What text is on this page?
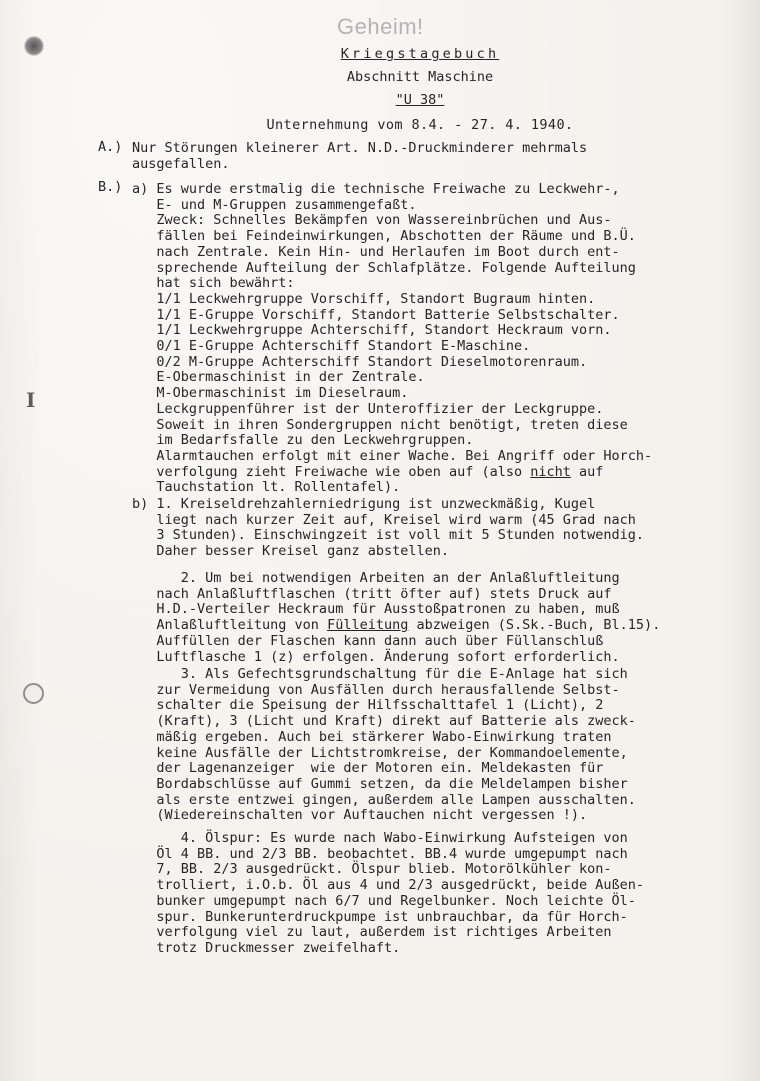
I
Geheim!
Kriegstagebuch
Abschnitt Maschine
"U 38"
Unternehmung vom 8.4. - 27. 4. 1940.
A.) Nur Störungen kleinerer Art. N.D.-Druckminderer mehrmals
ausgefallen.
B.) a) Es wurde erstmalig die technische Freiwache zu Leckwehr-,
E- und M-Gruppen zusammengefaßt.
Zweck: Schnelles Bekämpfen von Wassereinbrüchen und Aus-
fällen bei Feindeinwirkungen, Abschotten der Räume und B.Ü.
nach Zentrale. Kein Hin- und Herlaufen im Boot durch ent-
sprechende Aufteilung der Schlafplätze. Folgende Aufteilung
hat sich bewährt:
1/1 Leckwehrgruppe Vorschiff, Standort Bugraum hinten.
1/1 E-Gruppe Vorschiff, Standort Batterie Selbstschalter.
1/1 Leckwehrgruppe Achterschiff, Standort Heckraum vorn.
0/1 E-Gruppe Achterschiff Standort E-Maschine.
0/2 M-Gruppe Achterschiff Standort Dieselmotorenraum.
E-Obermaschinist in der Zentrale.
M-Obermaschinist im Dieselraum.
Leckgruppenführer ist der Unteroffizier der Leckgruppe.
Soweit in ihren Sondergruppen nicht benötigt, treten diese
im Bedarfsfalle zu den Leckwehrgruppen.
Alarmtauchen erfolgt mit einer Wache. Bei Angriff oder Horch-
verfolgung zieht Freiwache wie oben auf (also nicht auf
Tauchstation lt. Rollentafel).
b) 1. Kreiseldrehzahlerniedrigung ist unzweckmäßig, Kugel
liegt nach kurzer Zeit auf, Kreisel wird warm (45 Grad nach
3 Stunden). Einschwingzeit ist voll mit 5 Stunden notwendig.
Daher besser Kreisel ganz abstellen.
2. Um bei notwendigen Arbeiten an der Anlaßluftleitung
nach Anlaßluftflaschen (tritt öfter auf) stets Druck auf
H.D.-Verteiler Heckraum für Ausstoßpatronen zu haben, muß
Anlaßluftleitung von Fülleitung abzweigen (S.Sk.-Buch, Bl.15).
Auffüllen der Flaschen kann dann auch über Füllanschluß
Luftflasche 1 (z) erfolgen. Änderung sofort erforderlich.
3. Als Gefechtsgrundschaltung für die E-Anlage hat sich
zur Vermeidung von Ausfällen durch herausfallende Selbst-
schalter die Speisung der Hilfsschalttafel 1 (Licht), 2
(Kraft), 3 (Licht und Kraft) direkt auf Batterie als zweck-
mäßig ergeben. Auch bei stärkerer Wabo-Einwirkung traten
keine Ausfälle der Lichtstromkreise, der Kommandoelemente,
der Lagenanzeiger  wie der Motoren ein. Meldekasten für
Bordabschlüsse auf Gummi setzen, da die Meldelampen bisher
als erste entzwei gingen, außerdem alle Lampen ausschalten.
(Wiedereinschalten vor Auftauchen nicht vergessen !).
4. Ölspur: Es wurde nach Wabo-Einwirkung Aufsteigen von
Öl 4 BB. und 2/3 BB. beobachtet. BB.4 wurde umgepumpt nach
7, BB. 2/3 ausgedrückt. Ölspur blieb. Motorölkühler kon-
trolliert, i.O.b. Öl aus 4 und 2/3 ausgedrückt, beide Außen-
bunker umgepumpt nach 6/7 und Regelbunker. Noch leichte Öl-
spur. Bunkerunterdruckpumpe ist unbrauchbar, da für Horch-
verfolgung viel zu laut, außerdem ist richtiges Arbeiten
trotz Druckmesser zweifelhaft.
